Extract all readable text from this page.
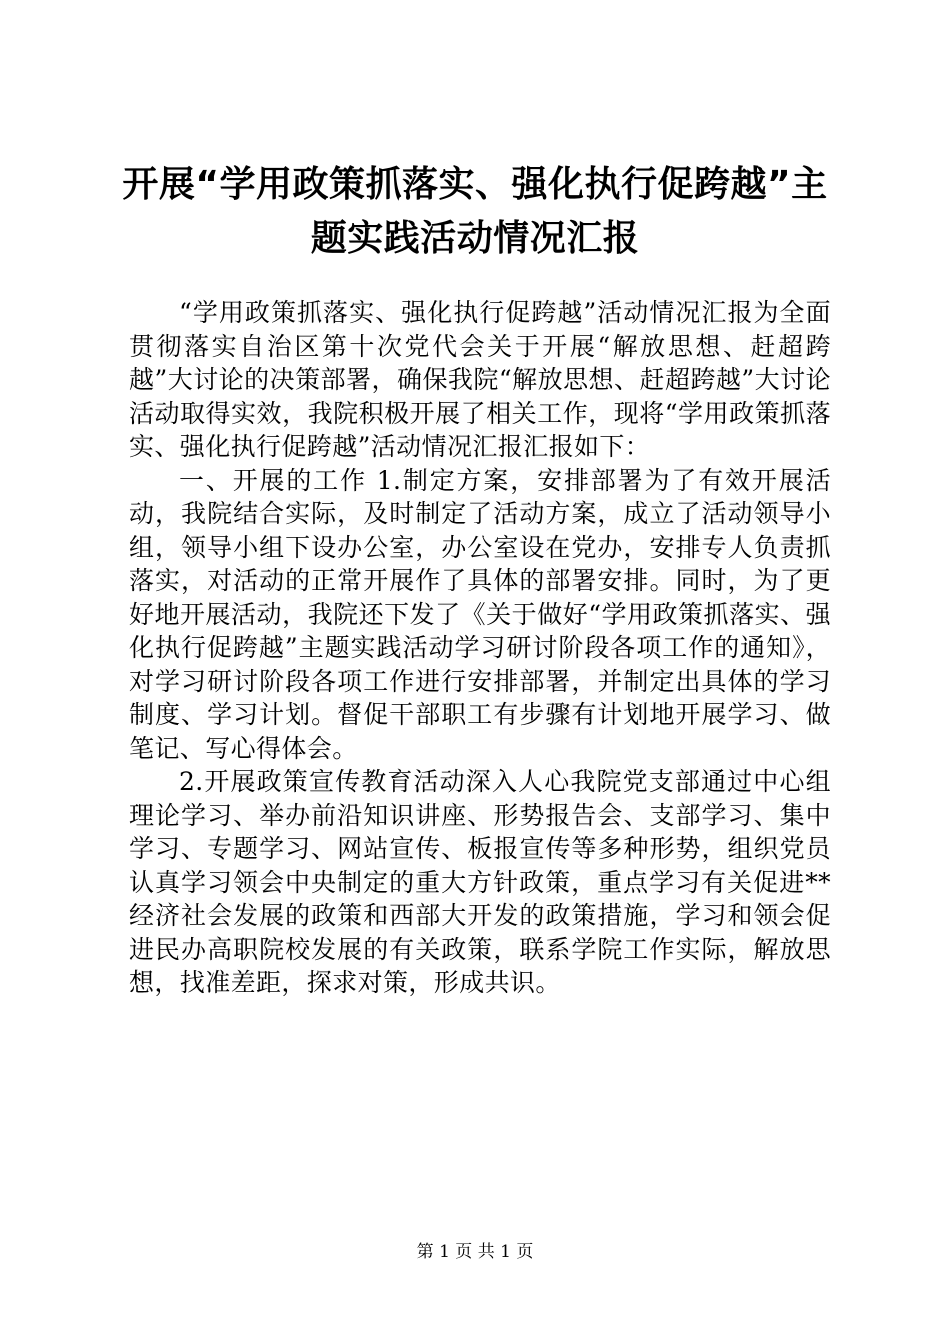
开展“学用政策抓落实、强化执行促跨越”主
题实践活动情况汇报

“学用政策抓落实、强化执行促跨越”活动情况汇报为全面贯彻落实自治区第十次党代会关于开展“解放思想、赶超跨越”大讨论的决策部署，确保我院“解放思想、赶超跨越”大讨论活动取得实效，我院积极开展了相关工作，现将“学用政策抓落实、强化执行促跨越”活动情况汇报汇报如下：

一、开展的工作 1.制定方案，安排部署为了有效开展活动，我院结合实际，及时制定了活动方案，成立了活动领导小组，领导小组下设办公室，办公室设在党办，安排专人负责抓落实，对活动的正常开展作了具体的部署安排。同时，为了更好地开展活动，我院还下发了《关于做好“学用政策抓落实、强化执行促跨越”主题实践活动学习研讨阶段各项工作的通知》，对学习研讨阶段各项工作进行安排部署，并制定出具体的学习制度、学习计划。督促干部职工有步骤有计划地开展学习、做笔记、写心得体会。

2.开展政策宣传教育活动深入人心我院党支部通过中心组理论学习、举办前沿知识讲座、形势报告会、支部学习、集中学习、专题学习、网站宣传、板报宣传等多种形势，组织党员认真学习领会中央制定的重大方针政策，重点学习有关促进**经济社会发展的政策和西部大开发的政策措施，学习和领会促进民办高职院校发展的有关政策，联系学院工作实际，解放思想，找准差距，探求对策，形成共识。

第 1 页 共 1 页
